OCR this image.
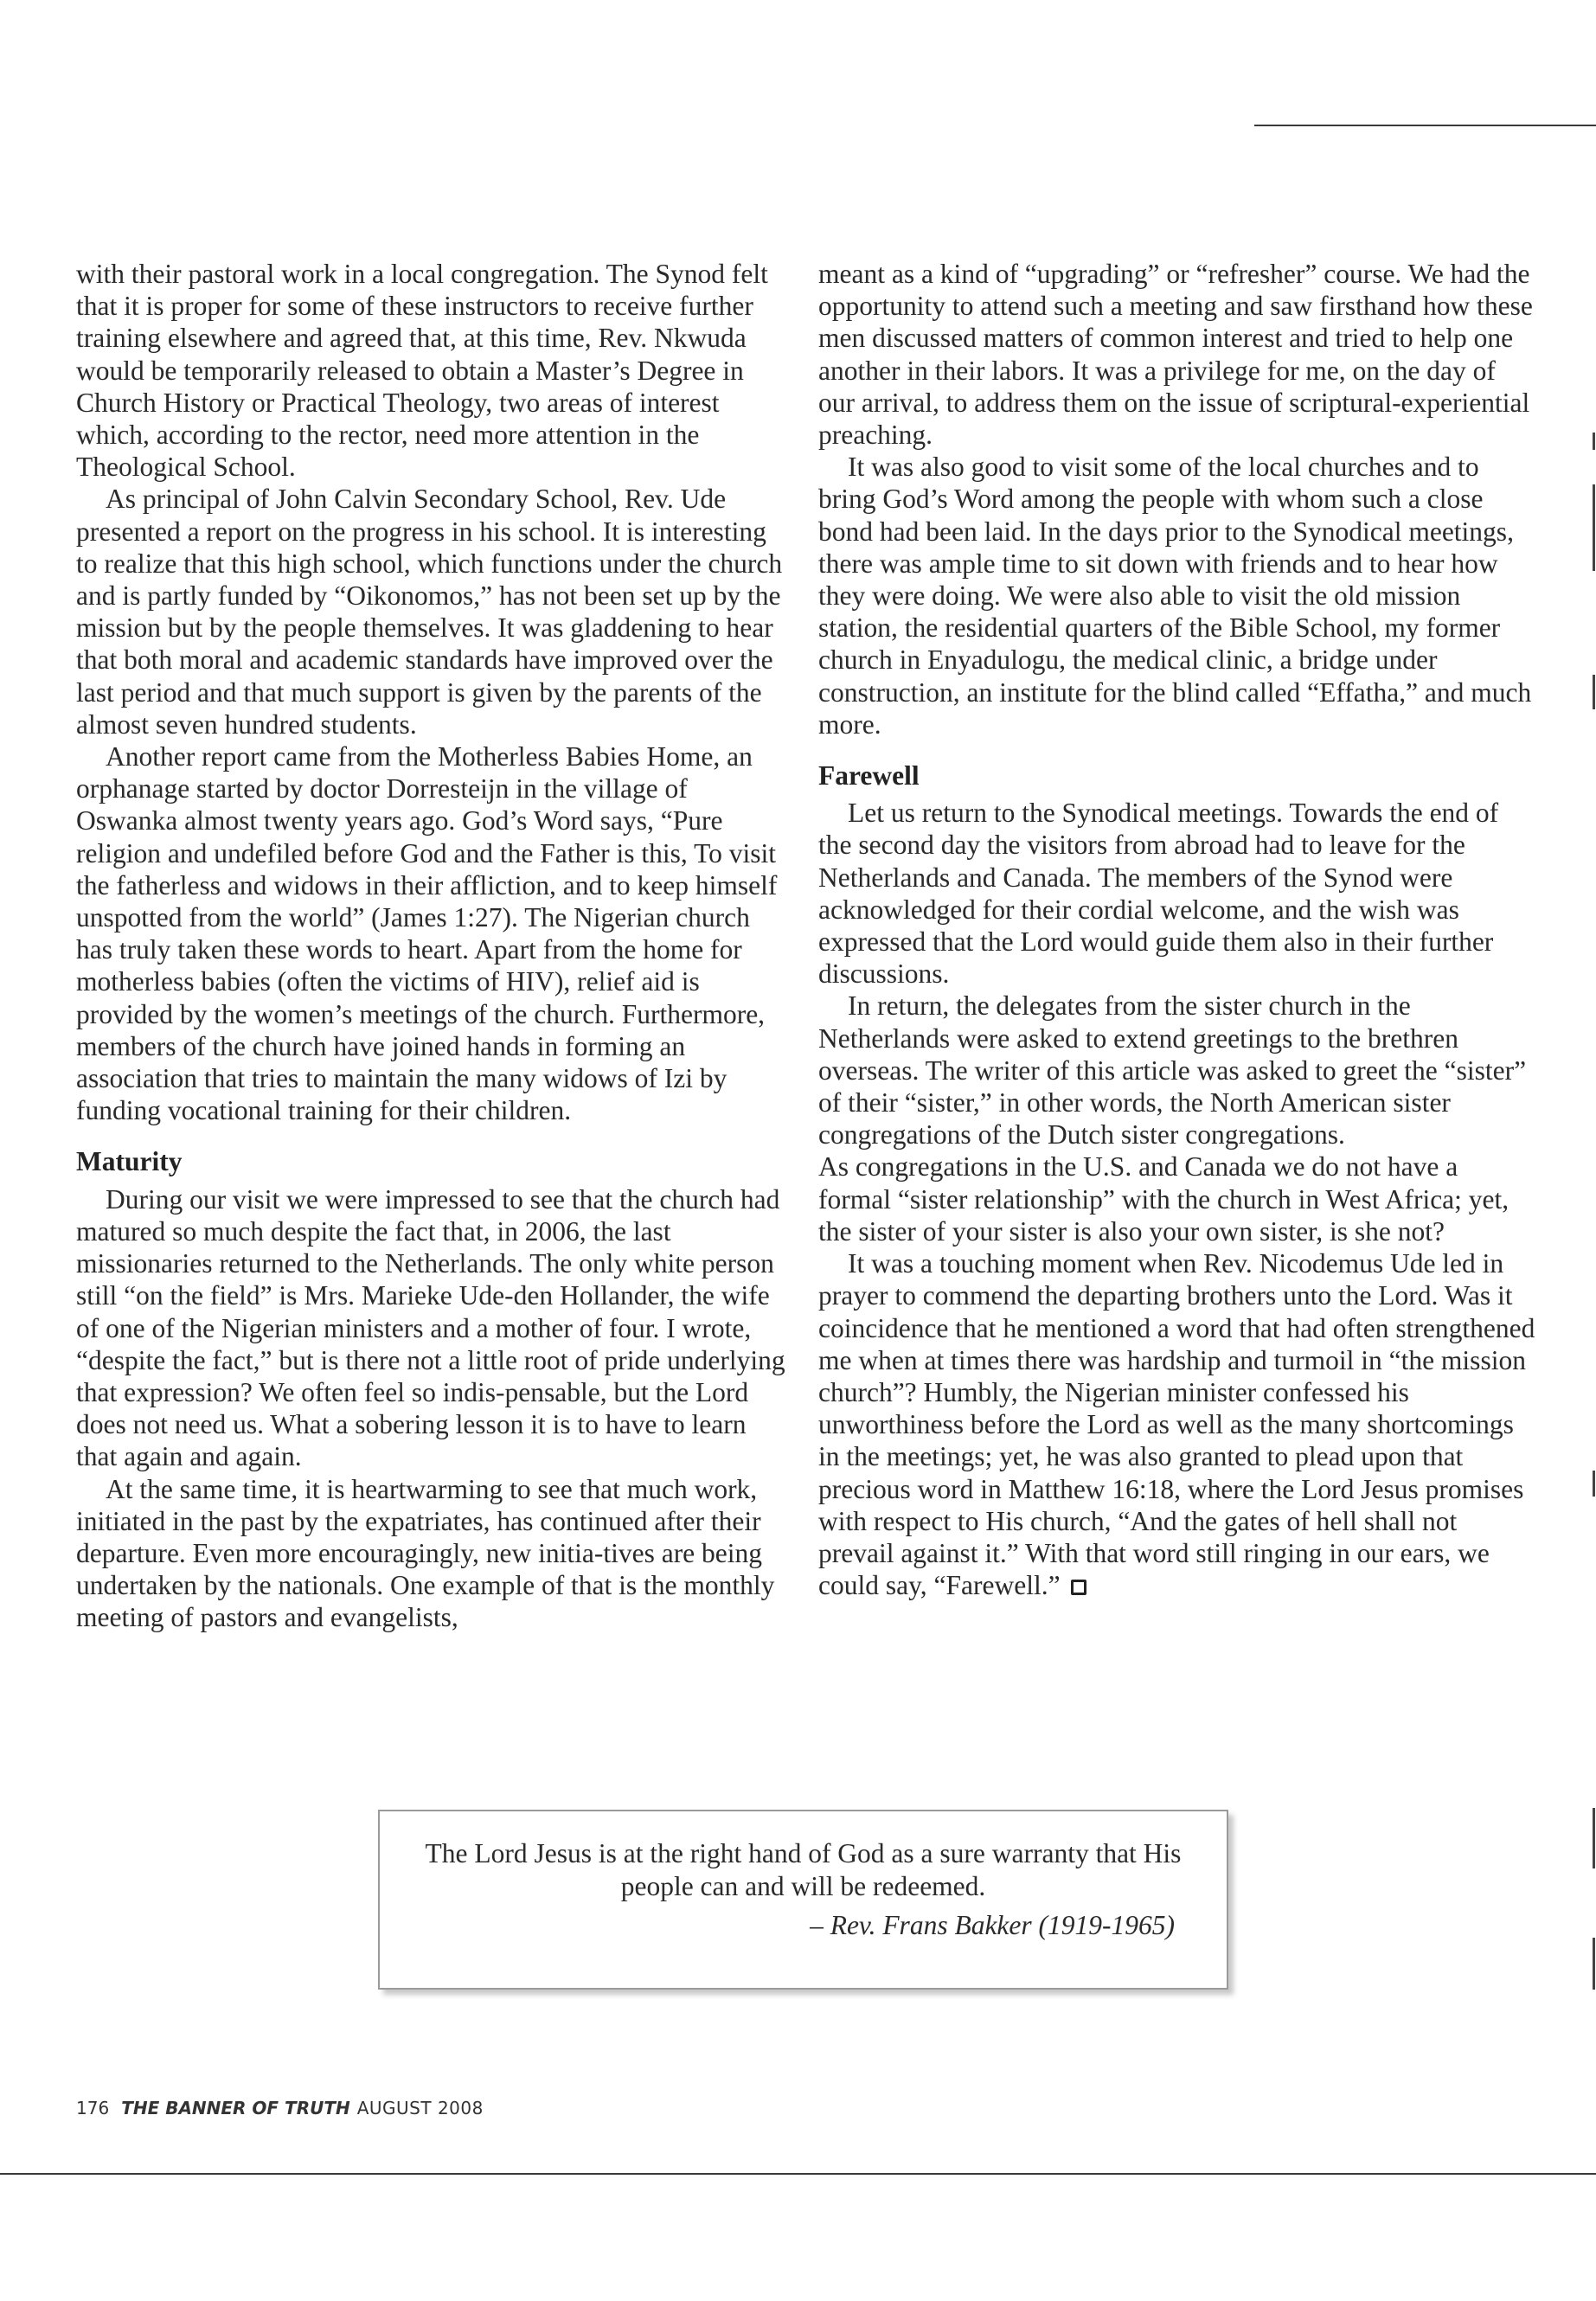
with their pastoral work in a local congregation. The Synod felt that it is proper for some of these instructors to receive further training elsewhere and agreed that, at this time, Rev. Nkwuda would be temporarily released to obtain a Master’s Degree in Church History or Practical Theology, two areas of interest which, according to the rector, need more attention in the Theological School.

As principal of John Calvin Secondary School, Rev. Ude presented a report on the progress in his school. It is interesting to realize that this high school, which functions under the church and is partly funded by “Oikonomos,” has not been set up by the mission but by the people themselves. It was gladdening to hear that both moral and academic standards have improved over the last period and that much support is given by the parents of the almost seven hundred students.

Another report came from the Motherless Babies Home, an orphanage started by doctor Dorresteijn in the village of Oswanka almost twenty years ago. God’s Word says, “Pure religion and undefiled before God and the Father is this, To visit the fatherless and widows in their affliction, and to keep himself unspotted from the world” (James 1:27). The Nigerian church has truly taken these words to heart. Apart from the home for motherless babies (often the victims of HIV), relief aid is provided by the women’s meetings of the church. Furthermore, members of the church have joined hands in forming an association that tries to maintain the many widows of Izi by funding vocational training for their children.

Maturity

During our visit we were impressed to see that the church had matured so much despite the fact that, in 2006, the last missionaries returned to the Netherlands. The only white person still “on the field” is Mrs. Marieke Ude-den Hollander, the wife of one of the Nigerian ministers and a mother of four. I wrote, “despite the fact,” but is there not a little root of pride underlying that expression? We often feel so indis-pensable, but the Lord does not need us. What a sobering lesson it is to have to learn that again and again.

At the same time, it is heartwarming to see that much work, initiated in the past by the expatriates, has continued after their departure. Even more encouragingly, new initia-tives are being undertaken by the nationals. One example of that is the monthly meeting of pastors and evangelists,

meant as a kind of “upgrading” or “refresher” course. We had the opportunity to attend such a meeting and saw firsthand how these men discussed matters of common interest and tried to help one another in their labors. It was a privilege for me, on the day of our arrival, to address them on the issue of scriptural-experiential preaching.

It was also good to visit some of the local churches and to bring God’s Word among the people with whom such a close bond had been laid. In the days prior to the Synodical meetings, there was ample time to sit down with friends and to hear how they were doing. We were also able to visit the old mission station, the residential quarters of the Bible School, my former church in Enyadulogu, the medical clinic, a bridge under construction, an institute for the blind called “Effatha,” and much more.

Farewell

Let us return to the Synodical meetings. Towards the end of the second day the visitors from abroad had to leave for the Netherlands and Canada. The members of the Synod were acknowledged for their cordial welcome, and the wish was expressed that the Lord would guide them also in their further discussions.

In return, the delegates from the sister church in the Netherlands were asked to extend greetings to the brethren overseas. The writer of this article was asked to greet the “sister” of their “sister,” in other words, the North American sister congregations of the Dutch sister congregations.

As congregations in the U.S. and Canada we do not have a formal “sister relationship” with the church in West Africa; yet, the sister of your sister is also your own sister, is she not?

It was a touching moment when Rev. Nicodemus Ude led in prayer to commend the departing brothers unto the Lord. Was it coincidence that he mentioned a word that had often strengthened me when at times there was hardship and turmoil in “the mission church”? Humbly, the Nigerian minister confessed his unworthiness before the Lord as well as the many shortcomings in the meetings; yet, he was also granted to plead upon that precious word in Matthew 16:18, where the Lord Jesus promises with respect to His church, “And the gates of hell shall not prevail against it.” With that word still ringing in our ears, we could say, “Farewell.”

The Lord Jesus is at the right hand of God as a sure warranty that His people can and will be redeemed.
– Rev. Frans Bakker (1919-1965)
176 THE BANNER OF TRUTH AUGUST 2008
